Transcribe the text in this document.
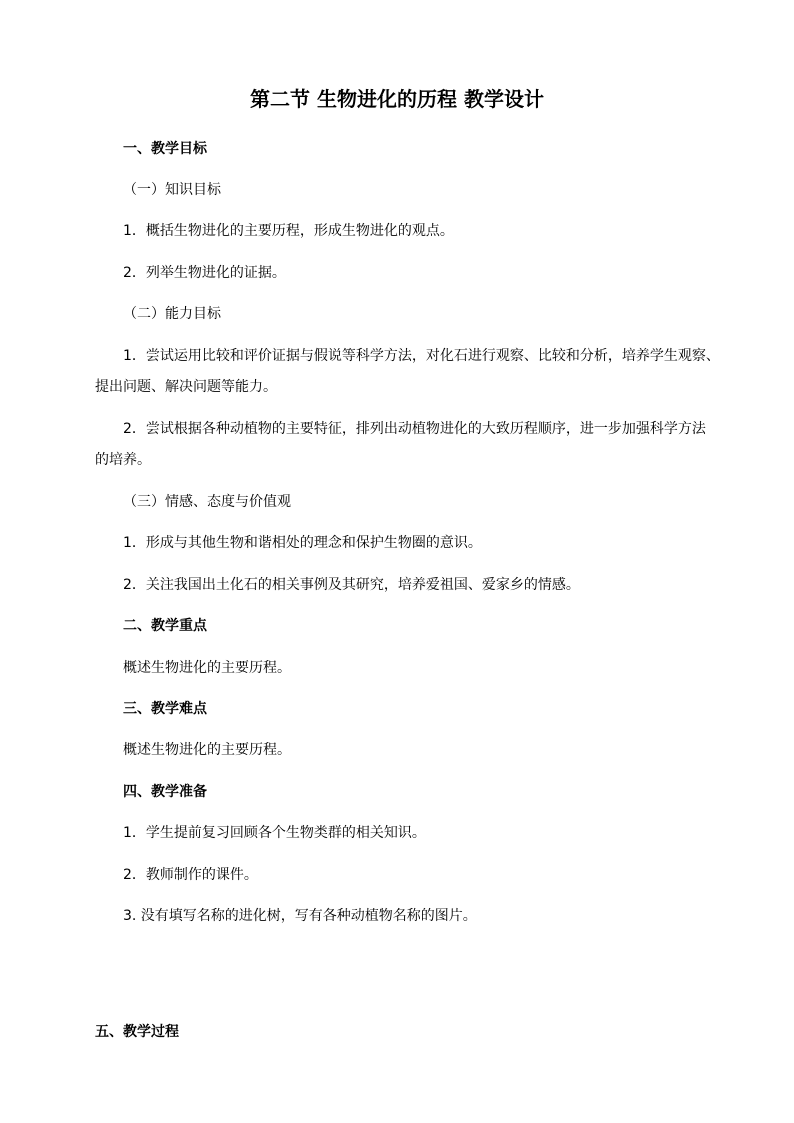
第二节 生物进化的历程 教学设计
一、教学目标
（一）知识目标
1．概括生物进化的主要历程，形成生物进化的观点。
2．列举生物进化的证据。
（二）能力目标
1．尝试运用比较和评价证据与假说等科学方法，对化石进行观察、比较和分析，培养学生观察、
提出问题、解决问题等能力。
2．尝试根据各种动植物的主要特征，排列出动植物进化的大致历程顺序，进一步加强科学方法
的培养。
（三）情感、态度与价值观
1．形成与其他生物和谐相处的理念和保护生物圈的意识。
2．关注我国出土化石的相关事例及其研究，培养爱祖国、爱家乡的情感。
二、教学重点
概述生物进化的主要历程。
三、教学难点
概述生物进化的主要历程。
四、教学准备
1．学生提前复习回顾各个生物类群的相关知识。
2．教师制作的课件。
3. 没有填写名称的进化树，写有各种动植物名称的图片。
五、教学过程
